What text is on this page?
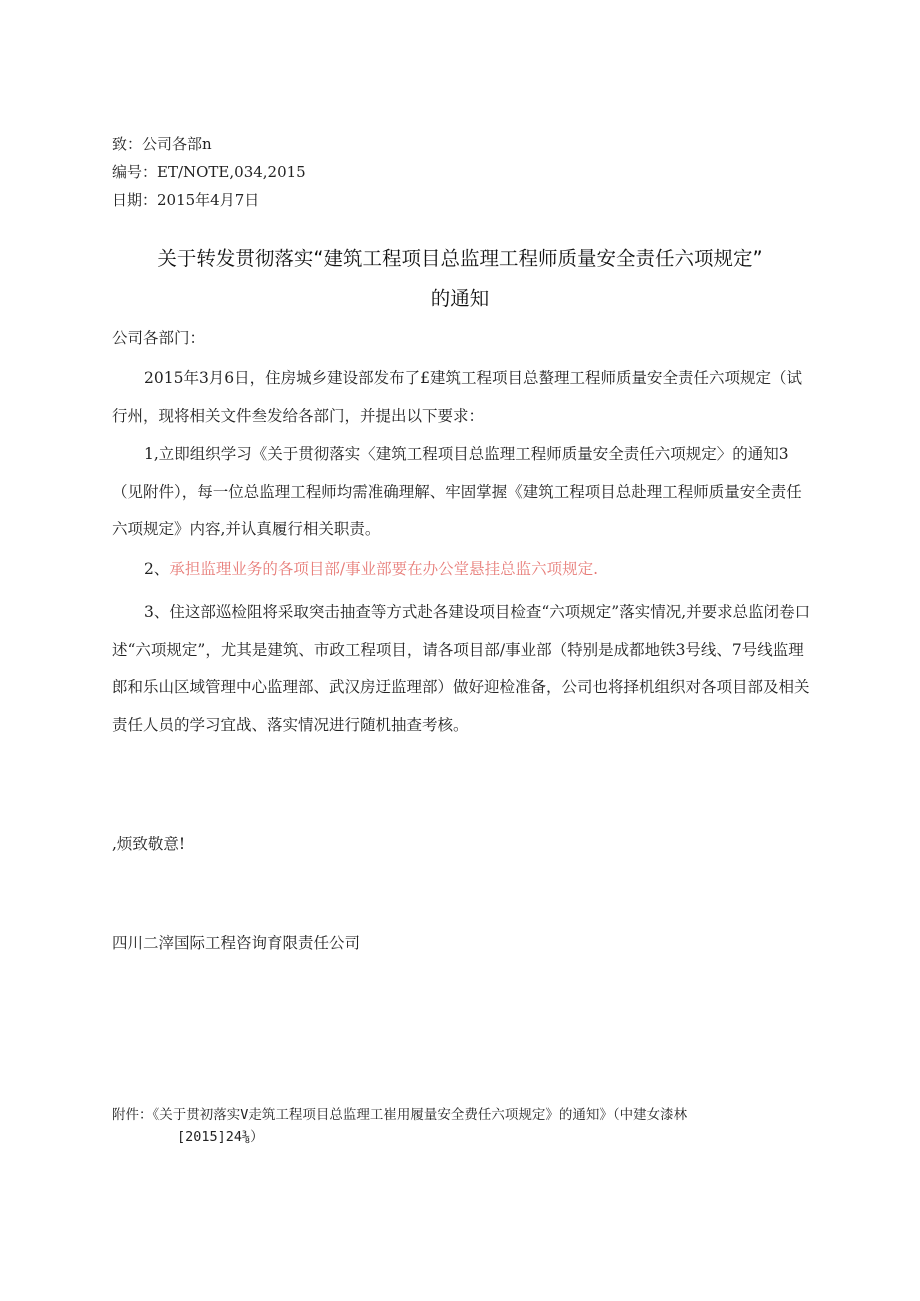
致：公司各部n
编号：ET/NOTE,034,2015
日期：2015年4月7日
关于转发贯彻落实“建筑工程项目总监理工程师质量安全责任六项规定”
的通知
公司各部门：

2015年3月6日，住房城乡建设部发布了£建筑工程项目总螯理工程师质量安全责任六项规定（试行州，现将相关文件叁发给各部门，并提出以下要求：

1,立即组织学习《关于贯彻落实〈建筑工程项目总监理工程师质量安全责任六项规定〉的通知3（见附件），每一位总监理工程师均需准确理解、牢固掌握《建筑工程项目总赴理工程师质量安全责任六项规定》内容,并认真履行相关职责。

2、承担监理业务的各项目部/事业部要在办公堂悬挂总监六项规定.

3、住这部巡检阻将采取突击抽查等方式赴各建设项目检查“六项规定”落实情况,并要求总监闭卷口述“六项规定”，尤其是建筑、市政工程项目，请各项目部/事业部（特别是成都地铁3号线、7号线监理郎和乐山区域管理中心监理部、武汉房迂监理部）做好迎检准备，公司也将择机组织对各项目部及相关责任人员的学习宜战、落实情况进行随机抽查考核。

,烦致敬意!
四川二滓国际工程咨询育限责任公司
附件：《关于贯初落实V走筑工程项目总监理工崔用履量安全费任六项规定》的通知》（中建女漆林
[2015]24⅜）
